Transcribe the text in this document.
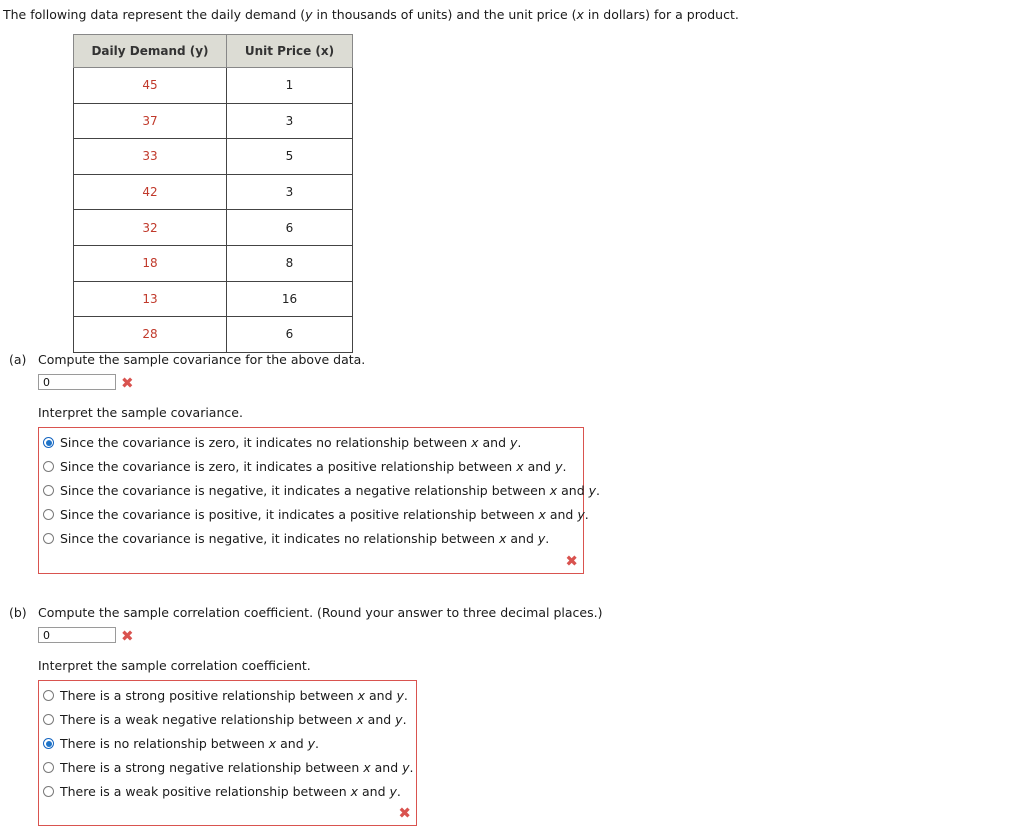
The following data represent the daily demand (y in thousands of units) and the unit price (x in dollars) for a product.
Daily Demand (y)	Unit Price (x)
45	1
37	3
33	5
42	3
32	6
18	8
13	16
28	6
(a) Compute the sample covariance for the above data.
0	✖
Interpret the sample covariance.
Since the covariance is zero, it indicates no relationship between x and y.
Since the covariance is zero, it indicates a positive relationship between x and y.
Since the covariance is negative, it indicates a negative relationship between x and y.
Since the covariance is positive, it indicates a positive relationship between x and y.
Since the covariance is negative, it indicates no relationship between x and y.
✖
(b) Compute the sample correlation coefficient. (Round your answer to three decimal places.)
0	✖
Interpret the sample correlation coefficient.
There is a strong positive relationship between x and y.
There is a weak negative relationship between x and y.
There is no relationship between x and y.
There is a strong negative relationship between x and y.
There is a weak positive relationship between x and y.
✖
